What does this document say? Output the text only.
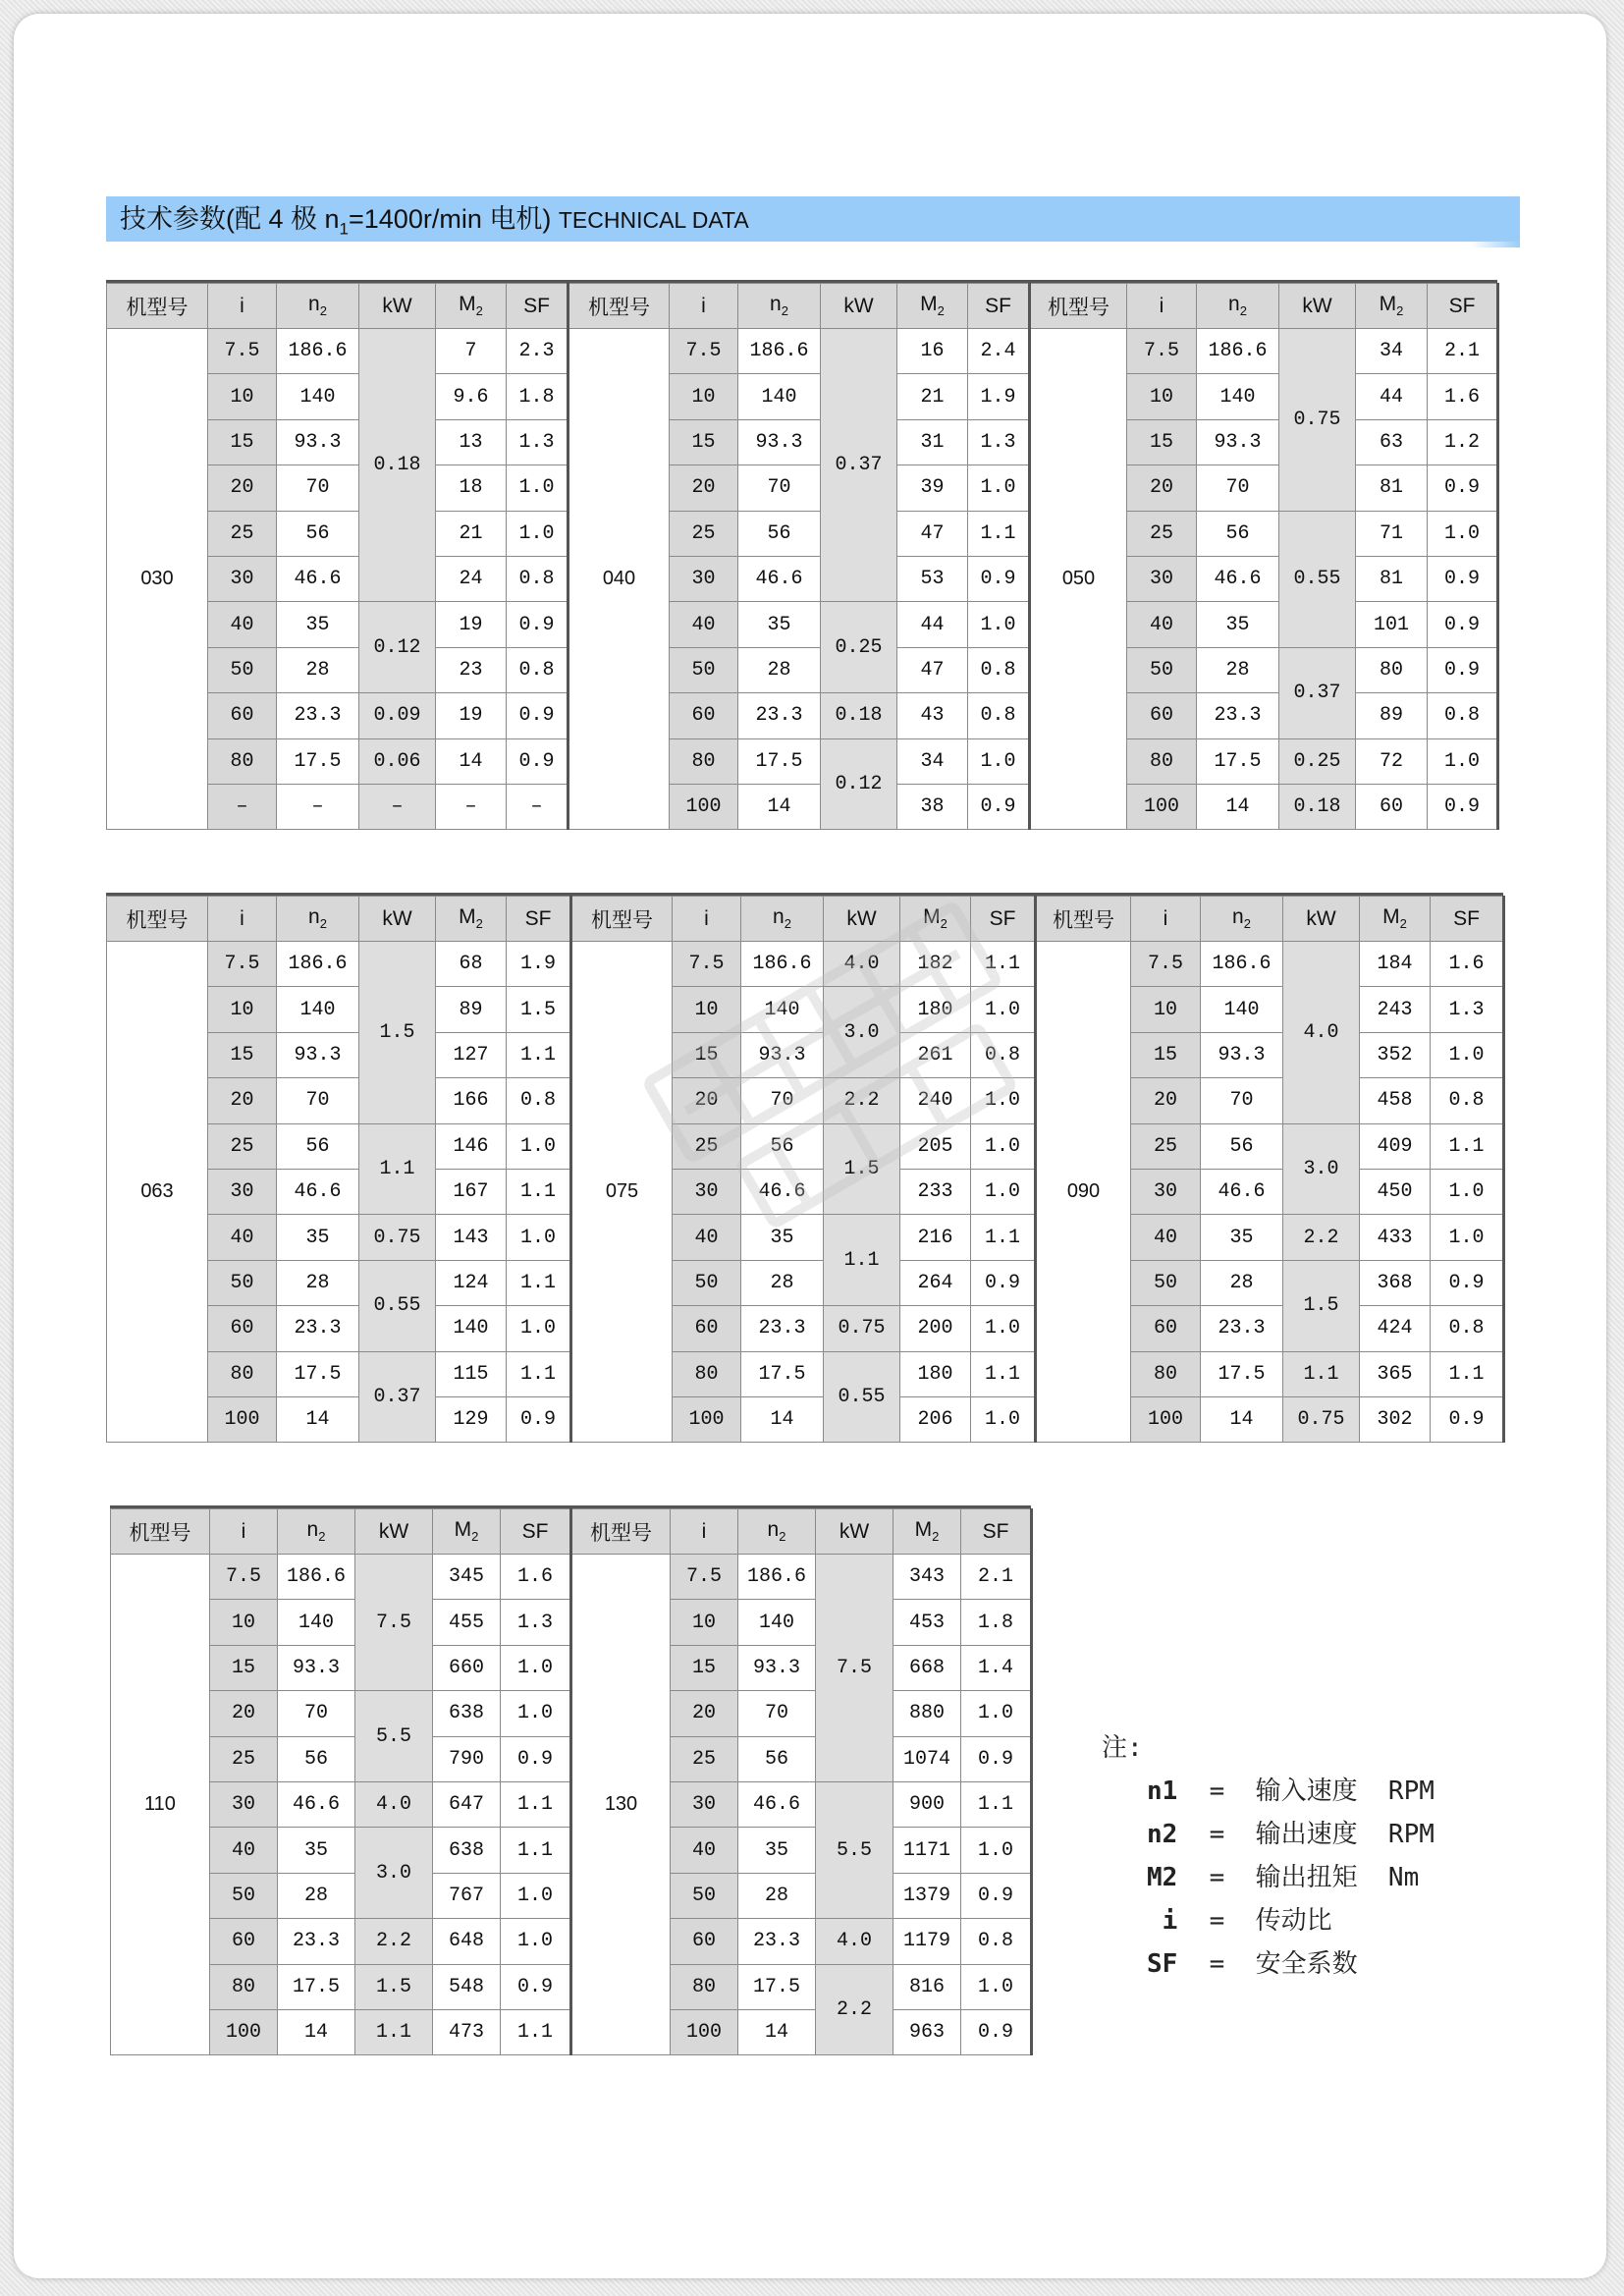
技术参数(配 4 极 $n_1=1400r/\min$ 电机) TECHNICAL DATA
机型号	i	$n_2$	kW	$M_2$	SF	机型号	i	$n_2$	kW	$M_2$	SF	机型号	i	$n_2$	kW	$M_2$	SF
030	7.5	186.6	0.18	7	2.3	040	7.5	186.6	0.37	16	2.4	050	7.5	186.6	0.75	34	2.1
	10	140		9.6	1.8		10	140		21	1.9		10	140		44	1.6
	15	93.3		13	1.3		15	93.3		31	1.3		15	93.3		63	1.2
	20	70		18	1.0		20	70		39	1.0		20	70		81	0.9
	25	56		21	1.0		25	56		47	1.1		25	56	0.55	71	1.0
	30	46.6		24	0.8		30	46.6		53	0.9		30	46.6		81	0.9
	40	35	0.12	19	0.9		40	35	0.25	44	1.0		40	35		101	0.9
	50	28		23	0.8		50	28		47	0.8		50	28	0.37	80	0.9
	60	23.3	0.09	19	0.9		60	23.3	0.18	43	0.8		60	23.3		89	0.8
	80	17.5	0.06	14	0.9		80	17.5	0.12	34	1.0		80	17.5	0.25	72	1.0
	–	–	–	–	–		100	14		38	0.9		100	14	0.18	60	0.9
机型号	i	$n_2$	kW	$M_2$	SF	机型号	i	$n_2$	kW	$M_2$	SF	机型号	i	$n_2$	kW	$M_2$	SF
063	7.5	186.6	1.5	68	1.9	075	7.5	186.6	4.0	182	1.1	090	7.5	186.6	4.0	184	1.6
	10	140		89	1.5		10	140	3.0	180	1.0		10	140		243	1.3
	15	93.3		127	1.1		15	93.3		261	0.8		15	93.3		352	1.0
	20	70		166	0.8		20	70	2.2	240	1.0		20	70		458	0.8
	25	56	1.1	146	1.0		25	56	1.5	205	1.0		25	56	3.0	409	1.1
	30	46.6		167	1.1		30	46.6		233	1.0		30	46.6		450	1.0
	40	35	0.75	143	1.0		40	35	1.1	216	1.1		40	35	2.2	433	1.0
	50	28	0.55	124	1.1		50	28		264	0.9		50	28	1.5	368	0.9
	60	23.3		140	1.0		60	23.3	0.75	200	1.0		60	23.3		424	0.8
	80	17.5	0.37	115	1.1		80	17.5	0.55	180	1.1		80	17.5	1.1	365	1.1
	100	14		129	0.9		100	14		206	1.0		100	14	0.75	302	0.9
机型号	i	$n_2$	kW	$M_2$	SF	机型号	i	$n_2$	kW	$M_2$	SF
110	7.5	186.6	7.5	345	1.6	130	7.5	186.6	7.5	343	2.1
	10	140		455	1.3		10	140		453	1.8
	15	93.3		660	1.0		15	93.3		668	1.4
	20	70	5.5	638	1.0		20	70		880	1.0
	25	56		790	0.9		25	56		1074	0.9
	30	46.6	4.0	647	1.1		30	46.6	5.5	900	1.1
	40	35	3.0	638	1.1		40	35		1171	1.0
	50	28		767	1.0		50	28		1379	0.9
	60	23.3	2.2	648	1.0		60	23.3	4.0	1179	0.8
	80	17.5	1.5	548	0.9		80	17.5	2.2	816	1.0
	100	14	1.1	473	1.1		100	14		963	0.9
注:
n1 =  输入速度  RPM
n2 =  输出速度  RPM
M2 =  输出扭矩  Nm
i =  传动比
SF =  安全系数
